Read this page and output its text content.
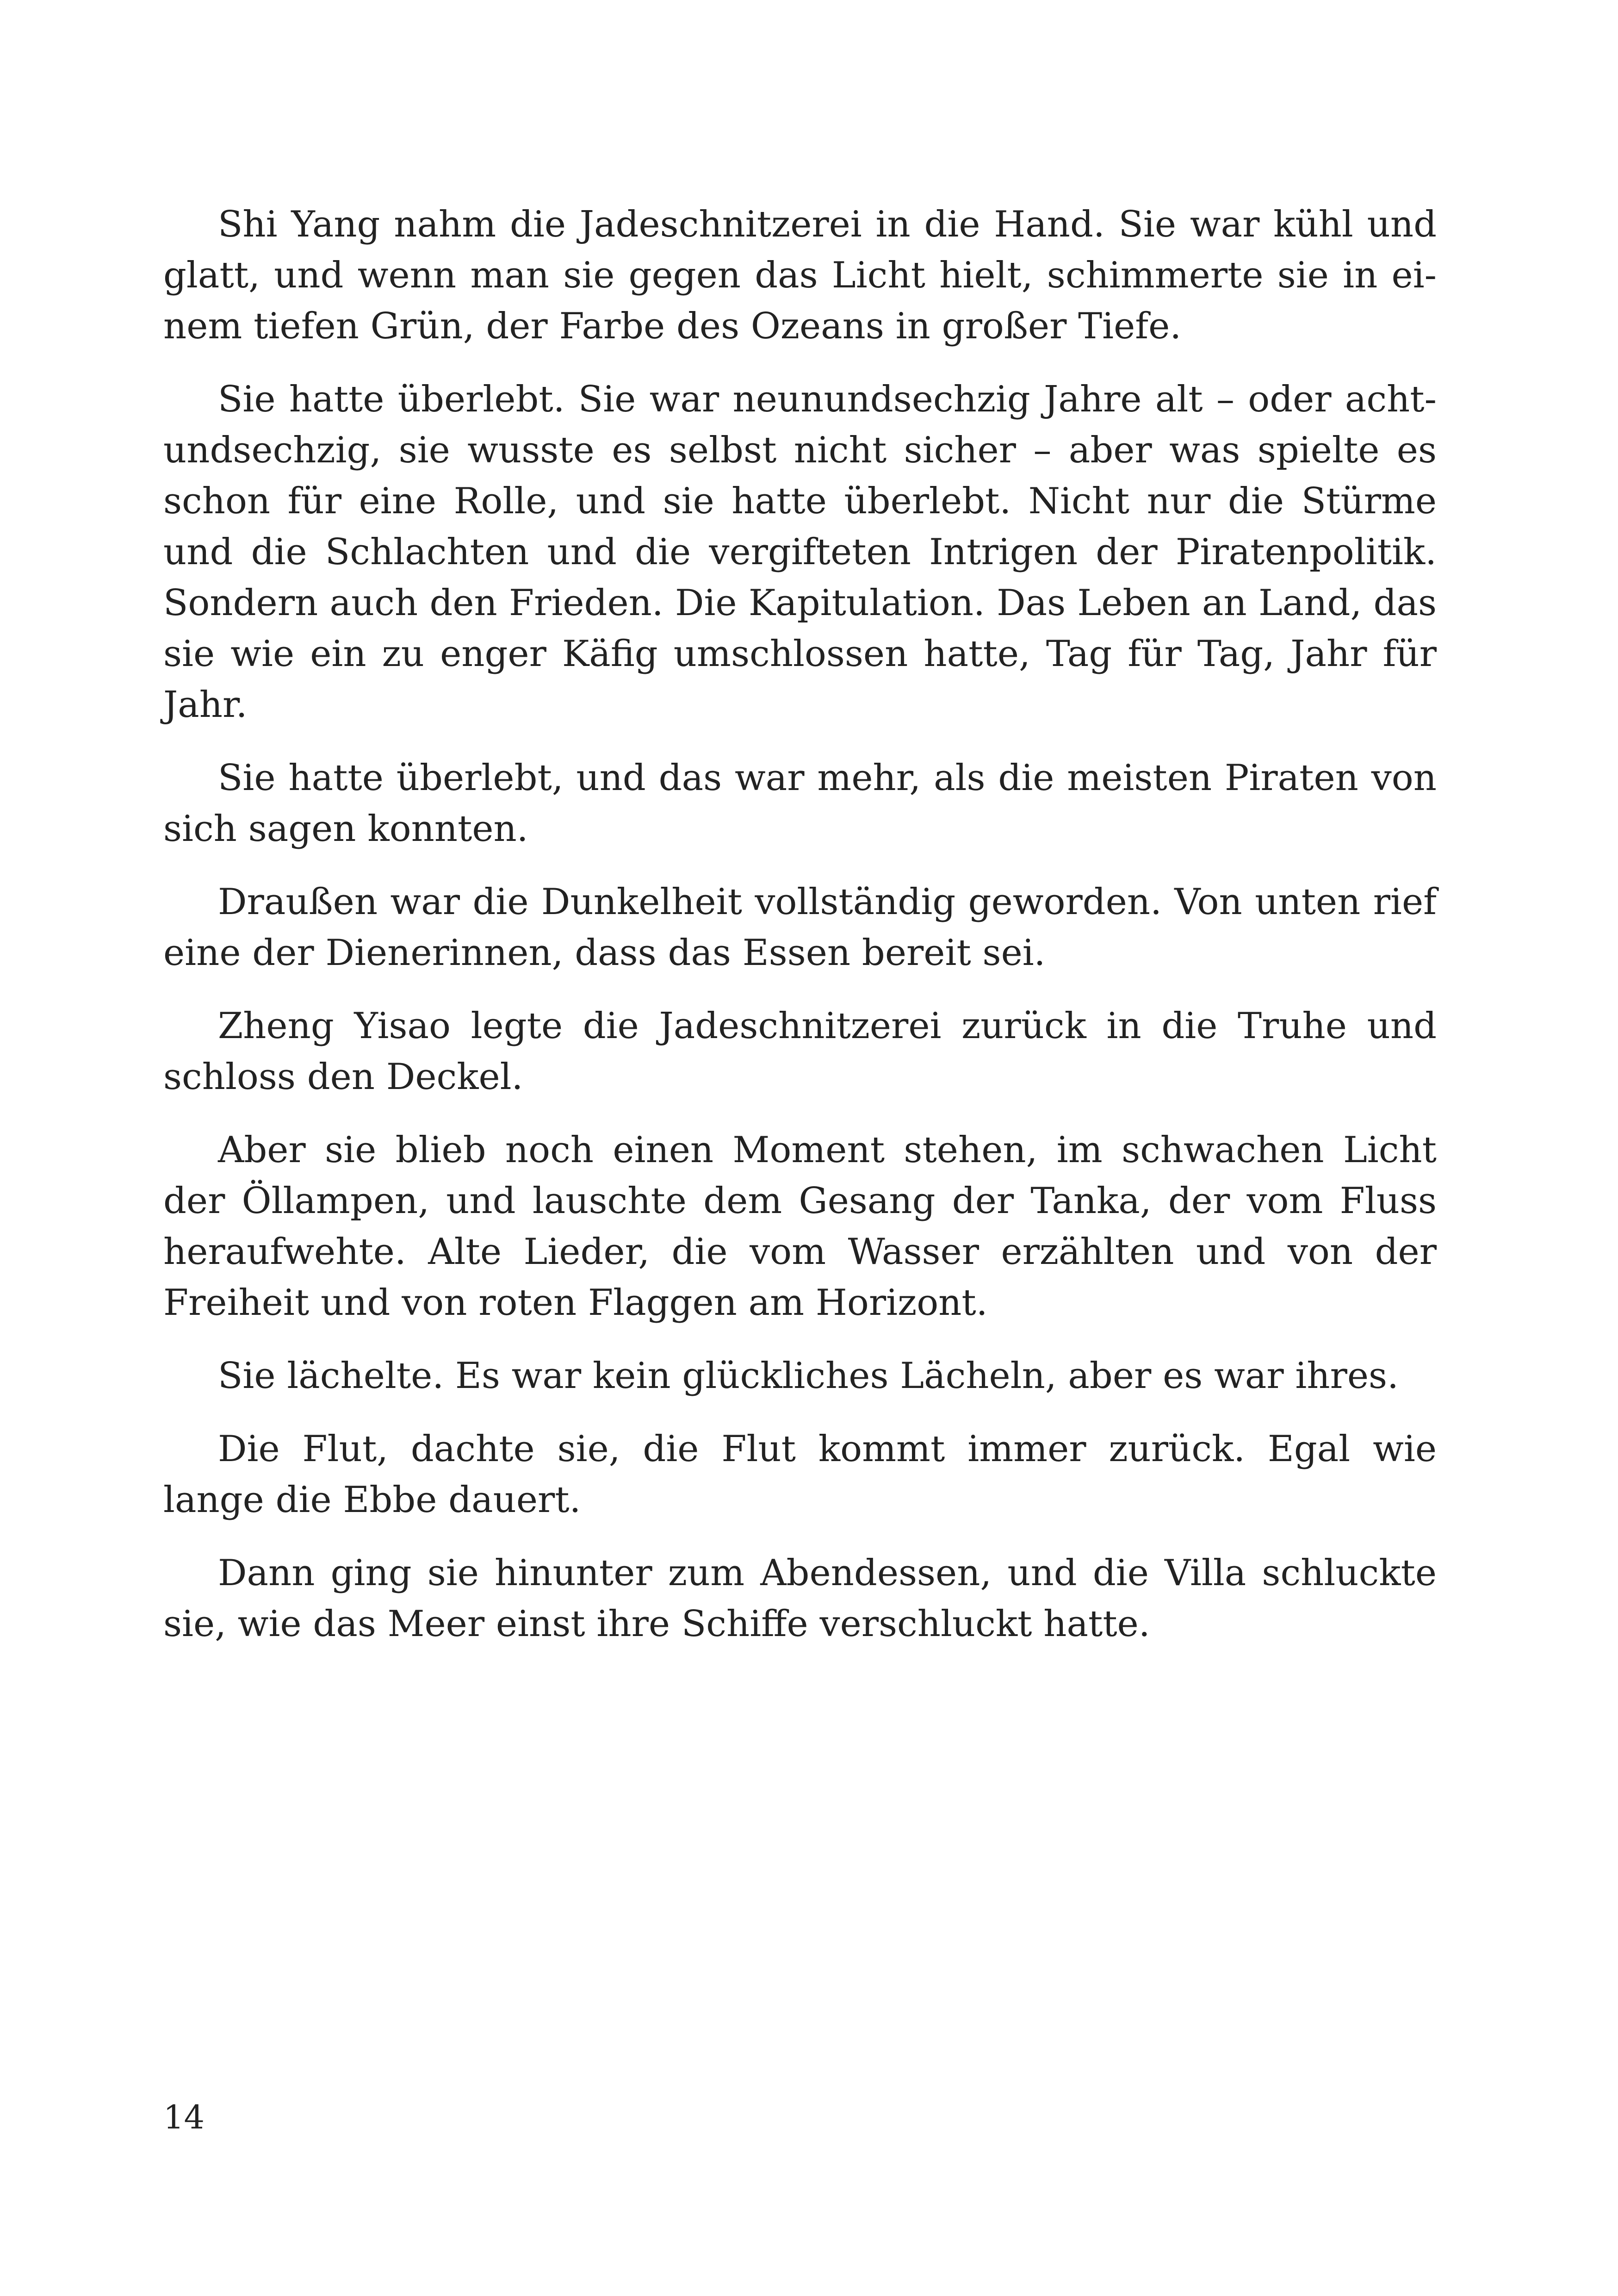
Shi Yang nahm die Jadeschnitzerei in die Hand. Sie war kühl und glatt, und wenn man sie gegen das Licht hielt, schimmerte sie in einem tiefen Grün, der Farbe des Ozeans in großer Tiefe.

Sie hatte überlebt. Sie war neunundsechzig Jahre alt – oder achtundsechzig, sie wusste es selbst nicht sicher – aber was spielte es schon für eine Rolle, und sie hatte überlebt. Nicht nur die Stürme und die Schlachten und die vergifteten Intrigen der Piratenpolitik. Sondern auch den Frieden. Die Kapitulation. Das Leben an Land, das sie wie ein zu enger Käfig umschlossen hatte, Tag für Tag, Jahr für Jahr.

Sie hatte überlebt, und das war mehr, als die meisten Piraten von sich sagen konnten.

Draußen war die Dunkelheit vollständig geworden. Von unten rief eine der Dienerinnen, dass das Essen bereit sei.

Zheng Yisao legte die Jadeschnitzerei zurück in die Truhe und schloss den Deckel.

Aber sie blieb noch einen Moment stehen, im schwachen Licht der Öllampen, und lauschte dem Gesang der Tanka, der vom Fluss heraufwehte. Alte Lieder, die vom Wasser erzählten und von der Freiheit und von roten Flaggen am Horizont.

Sie lächelte. Es war kein glückliches Lächeln, aber es war ihres.

Die Flut, dachte sie, die Flut kommt immer zurück. Egal wie lange die Ebbe dauert.

Dann ging sie hinunter zum Abendessen, und die Villa schluckte sie, wie das Meer einst ihre Schiffe verschluckt hatte.

14
